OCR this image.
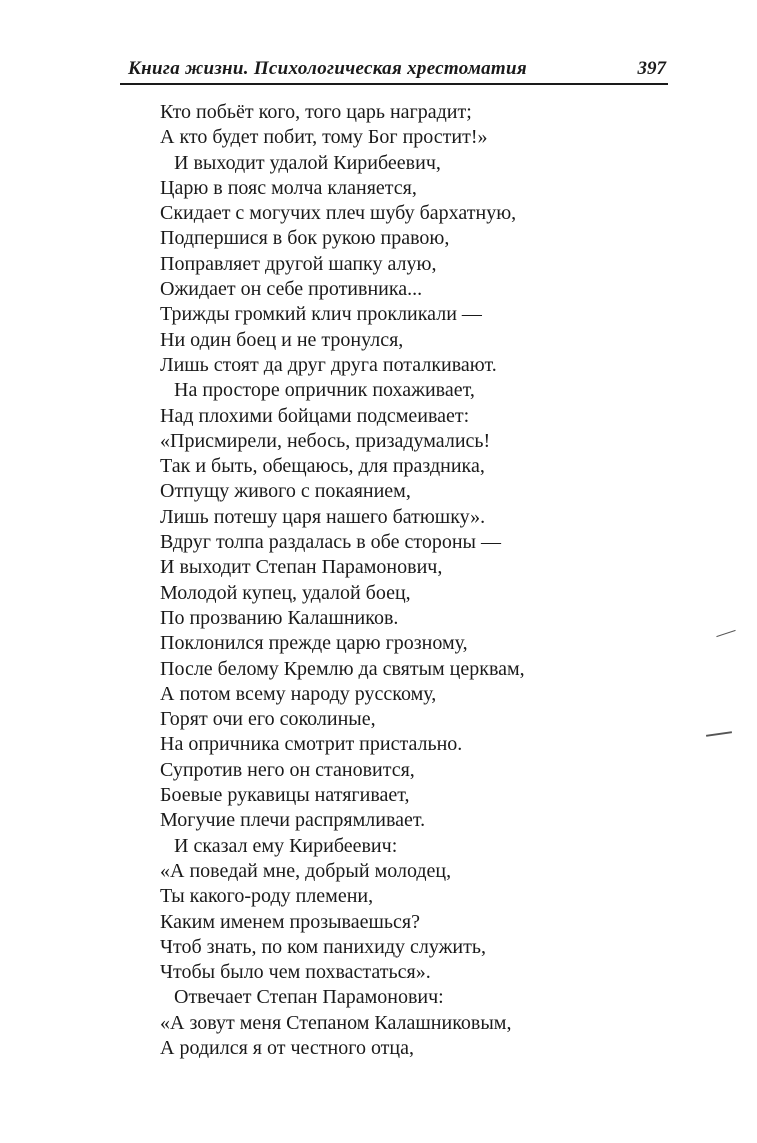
Книга жизни. Психологическая хрестоматия	397
Кто побьёт кого, того царь наградит;
А кто будет побит, тому Бог простит!»
И выходит удалой Кирибеевич,
Царю в пояс молча кланяется,
Скидает с могучих плеч шубу бархатную,
Подпершися в бок рукою правою,
Поправляет другой шапку алую,
Ожидает он себе противника...
Трижды громкий клич прокликали —
Ни один боец и не тронулся,
Лишь стоят да друг друга поталкивают.
На просторе опричник похаживает,
Над плохими бойцами подсмеивает:
«Присмирели, небось, призадумались!
Так и быть, обещаюсь, для праздника,
Отпущу живого с покаянием,
Лишь потешу царя нашего батюшку».
Вдруг толпа раздалась в обе стороны —
И выходит Степан Парамонович,
Молодой купец, удалой боец,
По прозванию Калашников.
Поклонился прежде царю грозному,
После белому Кремлю да святым церквам,
А потом всему народу русскому,
Горят очи его соколиные,
На опричника смотрит пристально.
Супротив него он становится,
Боевые рукавицы натягивает,
Могучие плечи распрямливает.
И сказал ему Кирибеевич:
«А поведай мне, добрый молодец,
Ты какого-роду племени,
Каким именем прозываешься?
Чтоб знать, по ком панихиду служить,
Чтобы было чем похвастаться».
Отвечает Степан Парамонович:
«А зовут меня Степаном Калашниковым,
А родился я от честного отца,
